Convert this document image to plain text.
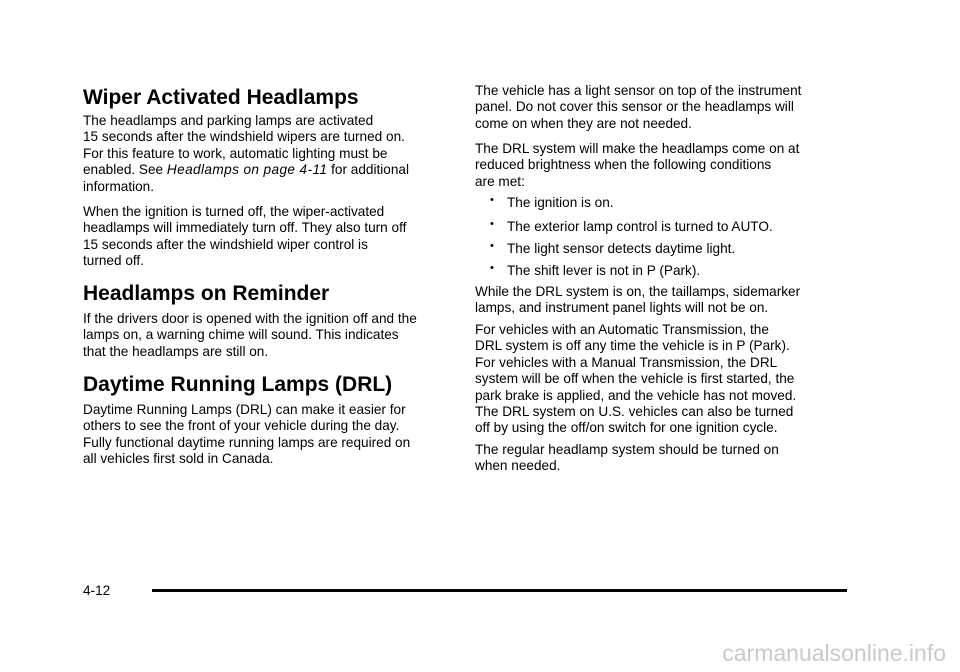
Wiper Activated Headlamps

The headlamps and parking lamps are activated
15 seconds after the windshield wipers are turned on.
For this feature to work, automatic lighting must be
enabled. See Headlamps on page 4-11 for additional
information.

When the ignition is turned off, the wiper-activated
headlamps will immediately turn off. They also turn off
15 seconds after the windshield wiper control is
turned off.

Headlamps on Reminder

If the drivers door is opened with the ignition off and the
lamps on, a warning chime will sound. This indicates
that the headlamps are still on.

Daytime Running Lamps (DRL)

Daytime Running Lamps (DRL) can make it easier for
others to see the front of your vehicle during the day.
Fully functional daytime running lamps are required on
all vehicles first sold in Canada.

The vehicle has a light sensor on top of the instrument
panel. Do not cover this sensor or the headlamps will
come on when they are not needed.

The DRL system will make the headlamps come on at
reduced brightness when the following conditions
are met:

• The ignition is on.
• The exterior lamp control is turned to AUTO.
• The light sensor detects daytime light.
• The shift lever is not in P (Park).

While the DRL system is on, the taillamps, sidemarker
lamps, and instrument panel lights will not be on.

For vehicles with an Automatic Transmission, the
DRL system is off any time the vehicle is in P (Park).
For vehicles with a Manual Transmission, the DRL
system will be off when the vehicle is first started, the
park brake is applied, and the vehicle has not moved.
The DRL system on U.S. vehicles can also be turned
off by using the off/on switch for one ignition cycle.

The regular headlamp system should be turned on
when needed.

4-12
carmanualsonline.info
